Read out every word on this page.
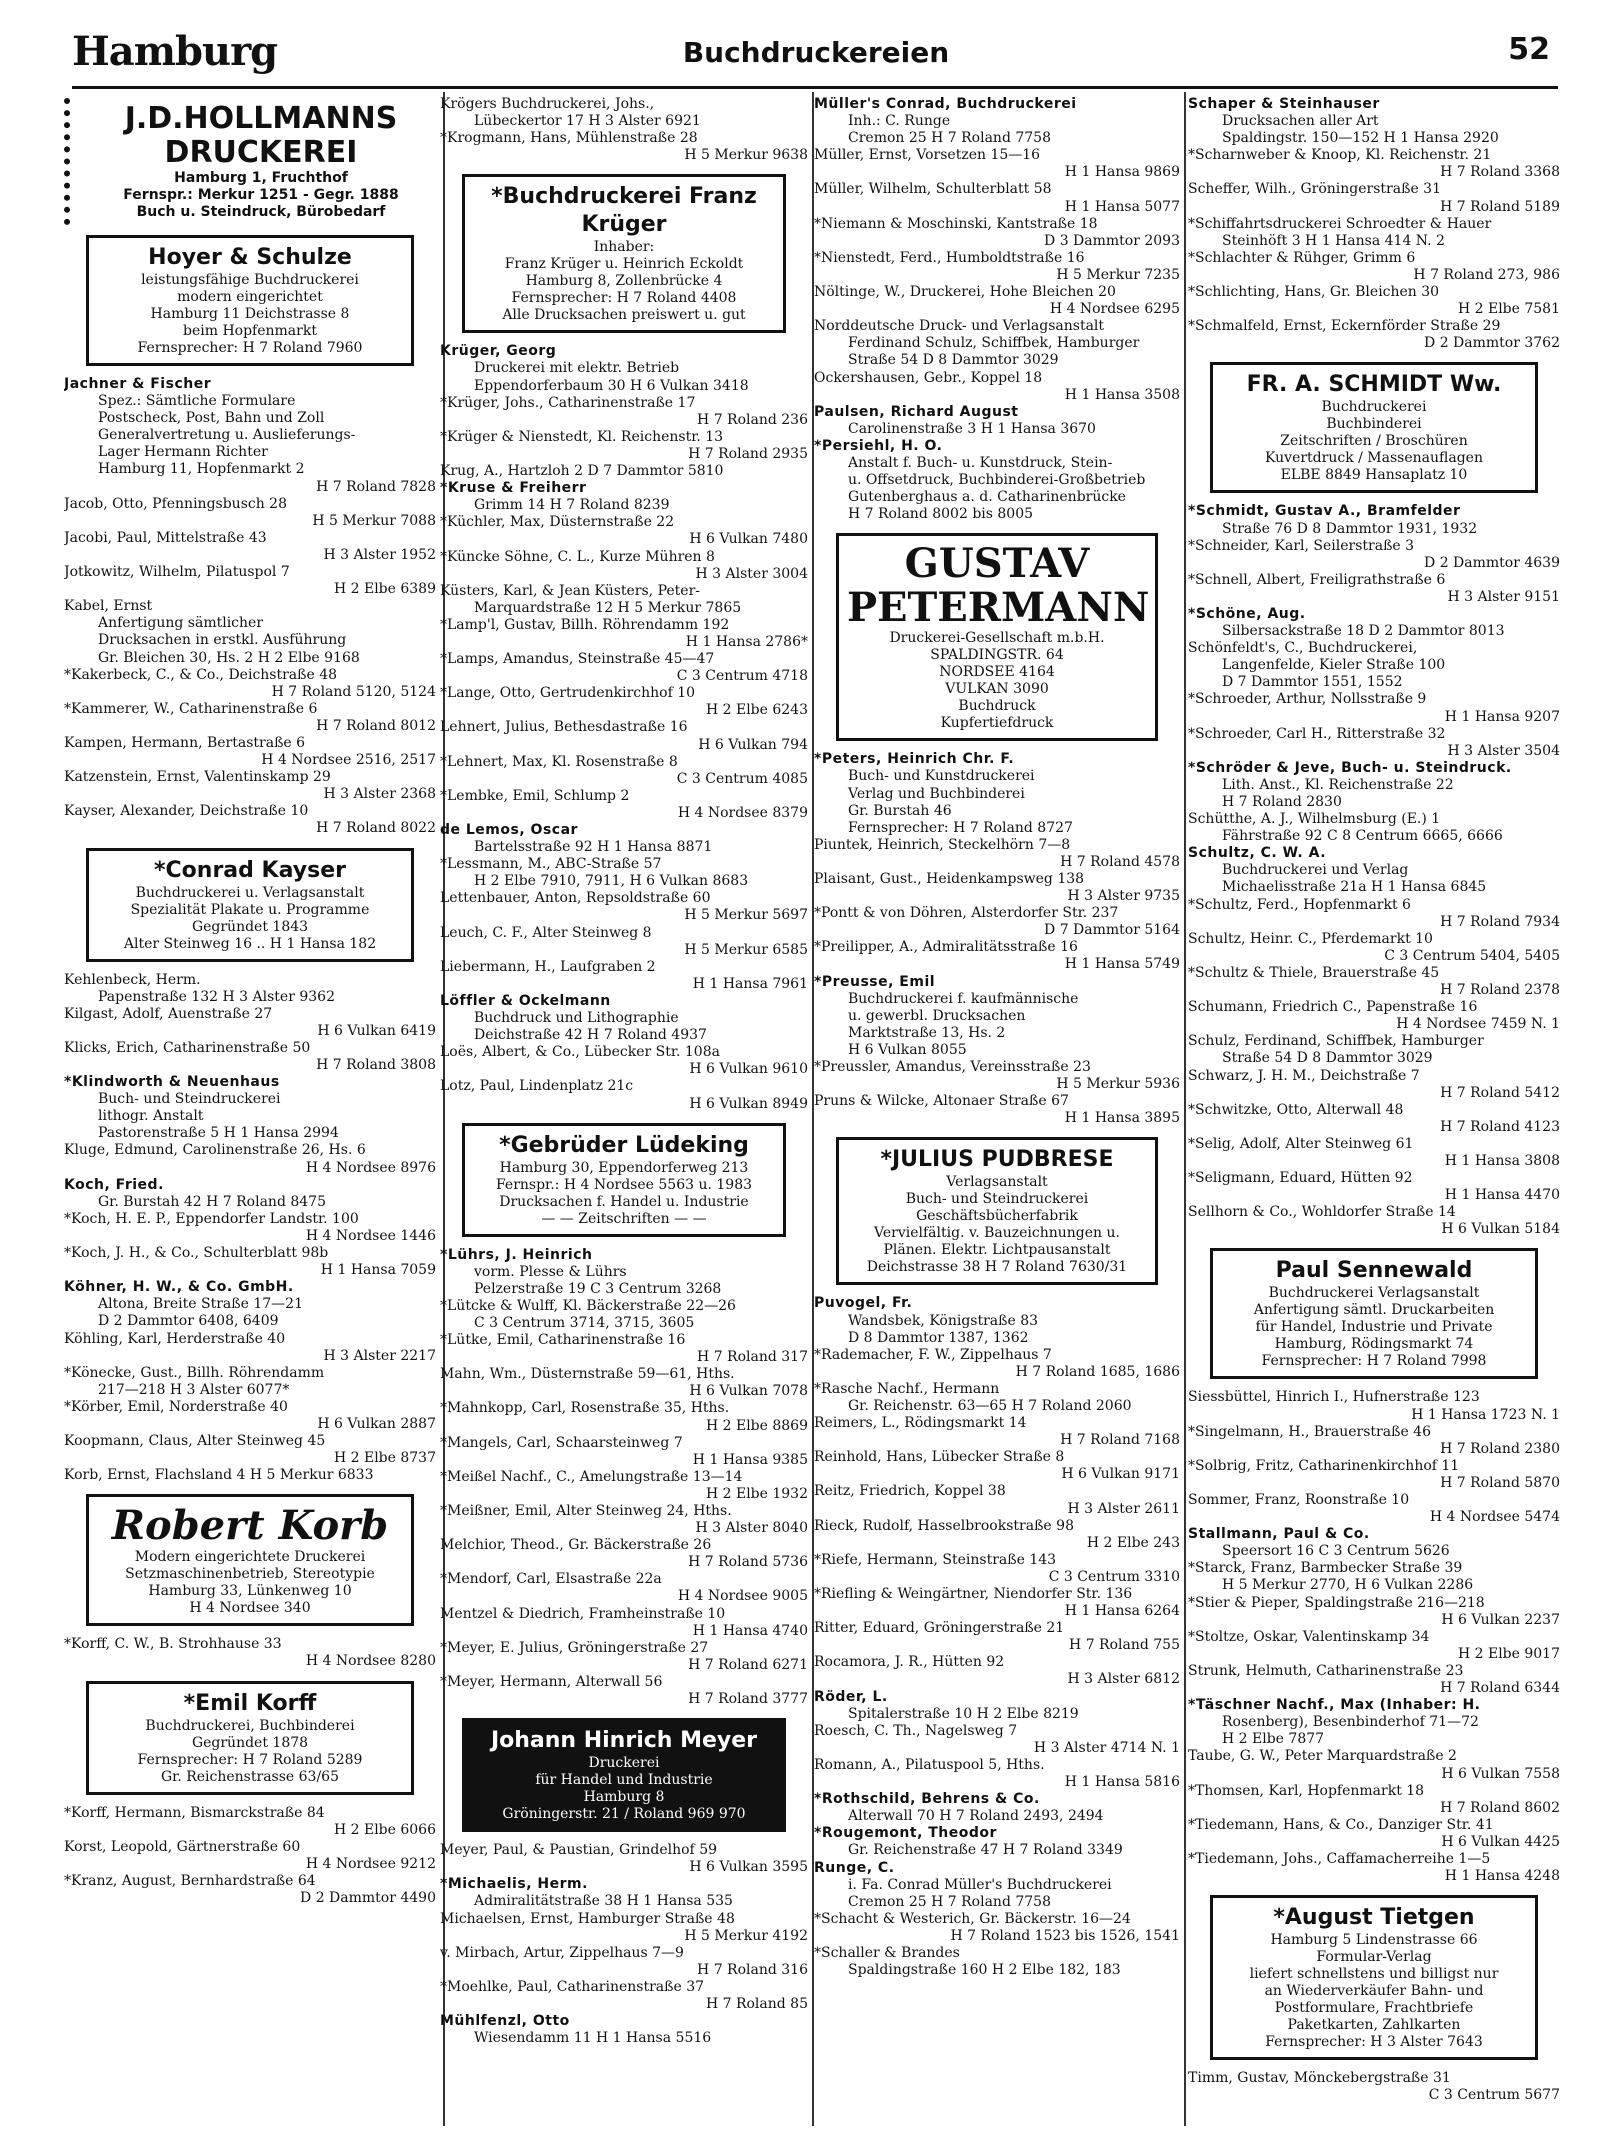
Hamburg	Buchdruckereien	52
J.D.HOLLMANNS DRUCKEREI
Hamburg 1, Fruchthof
Fernspr.: Merkur 1251 - Gegr. 1888
Buch u. Steindruck, Bürobedarf
Hoyer & Schulze
leistungsfähige Buchdruckerei
modern eingerichtet
Hamburg 11 Deichstrasse 8
beim Hopfenmarkt
Fernsprecher: H 7 Roland 7960
Jachner & Fischer
Spez.: Sämtliche Formulare
Postscheck, Post, Bahn und Zoll
Generalvertretung u. Auslieferungs-
Lager Hermann Richter
Hamburg 11, Hopfenmarkt 2
H 7 Roland 7828
Jacob, Otto, Pfenningsbusch 28
H 5 Merkur 7088
Jacobi, Paul, Mittelstraße 43
H 3 Alster 1952
Jotkowitz, Wilhelm, Pilatuspol 7
H 2 Elbe 6389
Kabel, Ernst
Anfertigung sämtlicher
Drucksachen in erstkl. Ausführung
Gr. Bleichen 30, Hs. 2 H 2 Elbe 9168
*Kakerbeck, C., & Co., Deichstraße 48
H 7 Roland 5120, 5124
*Kammerer, W., Catharinenstraße 6
H 7 Roland 8012
Kampen, Hermann, Bertastraße 6
H 4 Nordsee 2516, 2517
Katzenstein, Ernst, Valentinskamp 29
H 3 Alster 2368
Kayser, Alexander, Deichstraße 10
H 7 Roland 8022
*Conrad Kayser
Buchdruckerei u. Verlagsanstalt
Spezialität Plakate u. Programme
Gegründet 1843
Alter Steinweg 16 .. H 1 Hansa 182
Kehlenbeck, Herm.
Papenstraße 132 H 3 Alster 9362
Kilgast, Adolf, Auenstraße 27
H 6 Vulkan 6419
Klicks, Erich, Catharinenstraße 50
H 7 Roland 3808
*Klindworth & Neuenhaus
Buch- und Steindruckerei
lithogr. Anstalt
Pastorenstraße 5 H 1 Hansa 2994
Kluge, Edmund, Carolinenstraße 26, Hs. 6
H 4 Nordsee 8976
Koch, Fried.
Gr. Burstah 42 H 7 Roland 8475
*Koch, H. E. P., Eppendorfer Landstr. 100
H 4 Nordsee 1446
*Koch, J. H., & Co., Schulterblatt 98b
H 1 Hansa 7059
Köhner, H. W., & Co. GmbH.
Altona, Breite Straße 17—21
D 2 Dammtor 6408, 6409
Köhling, Karl, Herderstraße 40
H 3 Alster 2217
*Könecke, Gust., Billh. Röhrendamm
217—218 H 3 Alster 6077*
*Körber, Emil, Norderstraße 40
H 6 Vulkan 2887
Koopmann, Claus, Alter Steinweg 45
H 2 Elbe 8737
Korb, Ernst, Flachsland 4 H 5 Merkur 6833
Robert Korb
Modern eingerichtete Druckerei
Setzmaschinenbetrieb, Stereotypie
Hamburg 33, Lünkenweg 10
H 4 Nordsee 340
*Korff, C. W., B. Strohhause 33
H 4 Nordsee 8280
*Emil Korff
Buchdruckerei, Buchbinderei
Gegründet 1878
Fernsprecher: H 7 Roland 5289
Gr. Reichenstrasse 63/65
*Korff, Hermann, Bismarckstraße 84
H 2 Elbe 6066
Korst, Leopold, Gärtnerstraße 60
H 4 Nordsee 9212
*Kranz, August, Bernhardstraße 64
D 2 Dammtor 4490
Krögers Buchdruckerei, Johs.,
Lübeckertor 17 H 3 Alster 6921
*Krogmann, Hans, Mühlenstraße 28
H 5 Merkur 9638
*Buchdruckerei Franz Krüger
Inhaber:
Franz Krüger u. Heinrich Eckoldt
Hamburg 8, Zollenbrücke 4
Fernsprecher: H 7 Roland 4408
Alle Drucksachen preiswert u. gut
Krüger, Georg
Druckerei mit elektr. Betrieb
Eppendorferbaum 30 H 6 Vulkan 3418
*Krüger, Johs., Catharinenstraße 17
H 7 Roland 236
*Krüger & Nienstedt, Kl. Reichenstr. 13
H 7 Roland 2935
Krug, A., Hartzloh 2 D 7 Dammtor 5810
*Kruse & Freiherr
Grimm 14 H 7 Roland 8239
*Küchler, Max, Düsternstraße 22
H 6 Vulkan 7480
*Küncke Söhne, C. L., Kurze Mühren 8
H 3 Alster 3004
Küsters, Karl, & Jean Küsters, Peter-
Marquardstraße 12 H 5 Merkur 7865
*Lamp'l, Gustav, Billh. Röhrendamm 192
H 1 Hansa 2786*
*Lamps, Amandus, Steinstraße 45—47
C 3 Centrum 4718
*Lange, Otto, Gertrudenkirchhof 10
H 2 Elbe 6243
Lehnert, Julius, Bethesdastraße 16
H 6 Vulkan 794
*Lehnert, Max, Kl. Rosenstraße 8
C 3 Centrum 4085
*Lembke, Emil, Schlump 2
H 4 Nordsee 8379
de Lemos, Oscar
Bartelsstraße 92 H 1 Hansa 8871
*Lessmann, M., ABC-Straße 57
H 2 Elbe 7910, 7911, H 6 Vulkan 8683
Lettenbauer, Anton, Repsoldstraße 60
H 5 Merkur 5697
Leuch, C. F., Alter Steinweg 8
H 5 Merkur 6585
Liebermann, H., Laufgraben 2
H 1 Hansa 7961
Löffler & Ockelmann
Buchdruck und Lithographie
Deichstraße 42 H 7 Roland 4937
Loës, Albert, & Co., Lübecker Str. 108a
H 6 Vulkan 9610
Lotz, Paul, Lindenplatz 21c
H 6 Vulkan 8949
*Gebrüder Lüdeking
Hamburg 30, Eppendorferweg 213
Fernspr.: H 4 Nordsee 5563 u. 1983
Drucksachen f. Handel u. Industrie
— — Zeitschriften — —
*Lührs, J. Heinrich
vorm. Plesse & Lührs
Pelzerstraße 19 C 3 Centrum 3268
*Lütcke & Wulff, Kl. Bäckerstraße 22—26
C 3 Centrum 3714, 3715, 3605
*Lütke, Emil, Catharinenstraße 16
H 7 Roland 317
Mahn, Wm., Düsternstraße 59—61, Hths.
H 6 Vulkan 7078
*Mahnkopp, Carl, Rosenstraße 35, Hths.
H 2 Elbe 8869
*Mangels, Carl, Schaarsteinweg 7
H 1 Hansa 9385
*Meißel Nachf., C., Amelungstraße 13—14
H 2 Elbe 1932
*Meißner, Emil, Alter Steinweg 24, Hths.
H 3 Alster 8040
Melchior, Theod., Gr. Bäckerstraße 26
H 7 Roland 5736
*Mendorf, Carl, Elsastraße 22a
H 4 Nordsee 9005
Mentzel & Diedrich, Framheinstraße 10
H 1 Hansa 4740
*Meyer, E. Julius, Gröningerstraße 27
H 7 Roland 6271
*Meyer, Hermann, Alterwall 56
H 7 Roland 3777
Johann Hinrich Meyer
Druckerei
für Handel und Industrie
Hamburg 8
Gröningerstr. 21 / Roland 969 970
Meyer, Paul, & Paustian, Grindelhof 59
H 6 Vulkan 3595
*Michaelis, Herm.
Admiralitätstraße 38 H 1 Hansa 535
Michaelsen, Ernst, Hamburger Straße 48
H 5 Merkur 4192
v. Mirbach, Artur, Zippelhaus 7—9
H 7 Roland 316
*Moehlke, Paul, Catharinenstraße 37
H 7 Roland 85
Mühlfenzl, Otto
Wiesendamm 11 H 1 Hansa 5516
Müller's Conrad, Buchdruckerei
Inh.: C. Runge
Cremon 25 H 7 Roland 7758
Müller, Ernst, Vorsetzen 15—16
H 1 Hansa 9869
Müller, Wilhelm, Schulterblatt 58
H 1 Hansa 5077
*Niemann & Moschinski, Kantstraße 18
D 3 Dammtor 2093
*Nienstedt, Ferd., Humboldtstraße 16
H 5 Merkur 7235
Nöltinge, W., Druckerei, Hohe Bleichen 20
H 4 Nordsee 6295
Norddeutsche Druck- und Verlagsanstalt
Ferdinand Schulz, Schiffbek, Hamburger
Straße 54 D 8 Dammtor 3029
Ockershausen, Gebr., Koppel 18
H 1 Hansa 3508
Paulsen, Richard August
Carolinenstraße 3 H 1 Hansa 3670
*Persiehl, H. O.
Anstalt f. Buch- u. Kunstdruck, Stein-
u. Offsetdruck, Buchbinderei-Großbetrieb
Gutenberghaus a. d. Catharinenbrücke
H 7 Roland 8002 bis 8005
GUSTAV PETERMANN
Druckerei-Gesellschaft m.b.H.
SPALDINGSTR. 64
NORDSEE 4164
VULKAN 3090
Buchdruck
Kupfertiefdruck
*Peters, Heinrich Chr. F.
Buch- und Kunstdruckerei
Verlag und Buchbinderei
Gr. Burstah 46
Fernsprecher: H 7 Roland 8727
Piuntek, Heinrich, Steckelhörn 7—8
H 7 Roland 4578
Plaisant, Gust., Heidenkampsweg 138
H 3 Alster 9735
*Pontt & von Döhren, Alsterdorfer Str. 237
D 7 Dammtor 5164
*Preilipper, A., Admiralitätsstraße 16
H 1 Hansa 5749
*Preusse, Emil
Buchdruckerei f. kaufmännische
u. gewerbl. Drucksachen
Marktstraße 13, Hs. 2
H 6 Vulkan 8055
*Preussler, Amandus, Vereinsstraße 23
H 5 Merkur 5936
Pruns & Wilcke, Altonaer Straße 67
H 1 Hansa 3895
*JULIUS PUDBRESE
Verlagsanstalt
Buch- und Steindruckerei
Geschäftsbücherfabrik
Vervielfältig. v. Bauzeichnungen u.
Plänen. Elektr. Lichtpausanstalt
Deichstrasse 38 H 7 Roland 7630/31
Puvogel, Fr.
Wandsbek, Königstraße 83
D 8 Dammtor 1387, 1362
*Rademacher, F. W., Zippelhaus 7
H 7 Roland 1685, 1686
*Rasche Nachf., Hermann
Gr. Reichenstr. 63—65 H 7 Roland 2060
Reimers, L., Rödingsmarkt 14
H 7 Roland 7168
Reinhold, Hans, Lübecker Straße 8
H 6 Vulkan 9171
Reitz, Friedrich, Koppel 38
H 3 Alster 2611
Rieck, Rudolf, Hasselbrookstraße 98
H 2 Elbe 243
*Riefe, Hermann, Steinstraße 143
C 3 Centrum 3310
*Riefling & Weingärtner, Niendorfer Str. 136
H 1 Hansa 6264
Ritter, Eduard, Gröningerstraße 21
H 7 Roland 755
Rocamora, J. R., Hütten 92
H 3 Alster 6812
Röder, L.
Spitalerstraße 10 H 2 Elbe 8219
Roesch, C. Th., Nagelsweg 7
H 3 Alster 4714 N. 1
Romann, A., Pilatuspool 5, Hths.
H 1 Hansa 5816
*Rothschild, Behrens & Co.
Alterwall 70 H 7 Roland 2493, 2494
*Rougemont, Theodor
Gr. Reichenstraße 47 H 7 Roland 3349
Runge, C.
i. Fa. Conrad Müller's Buchdruckerei
Cremon 25 H 7 Roland 7758
*Schacht & Westerich, Gr. Bäckerstr. 16—24
H 7 Roland 1523 bis 1526, 1541
*Schaller & Brandes
Spaldingstraße 160 H 2 Elbe 182, 183
Schaper & Steinhauser
Drucksachen aller Art
Spaldingstr. 150—152 H 1 Hansa 2920
*Scharnweber & Knoop, Kl. Reichenstr. 21
H 7 Roland 3368
Scheffer, Wilh., Gröningerstraße 31
H 7 Roland 5189
*Schiffahrtsdruckerei Schroedter & Hauer
Steinhöft 3 H 1 Hansa 414 N. 2
*Schlachter & Rühger, Grimm 6
H 7 Roland 273, 986
*Schlichting, Hans, Gr. Bleichen 30
H 2 Elbe 7581
*Schmalfeld, Ernst, Eckernförder Straße 29
D 2 Dammtor 3762
FR. A. SCHMIDT Ww.
Buchdruckerei
Buchbinderei
Zeitschriften / Broschüren
Kuvertdruck / Massenauflagen
ELBE 8849 Hansaplatz 10
*Schmidt, Gustav A., Bramfelder
Straße 76 D 8 Dammtor 1931, 1932
*Schneider, Karl, Seilerstraße 3
D 2 Dammtor 4639
*Schnell, Albert, Freiligrathstraße 6
H 3 Alster 9151
*Schöne, Aug.
Silbersackstraße 18 D 2 Dammtor 8013
Schönfeldt's, C., Buchdruckerei,
Langenfelde, Kieler Straße 100
D 7 Dammtor 1551, 1552
*Schroeder, Arthur, Nollsstraße 9
H 1 Hansa 9207
*Schroeder, Carl H., Ritterstraße 32
H 3 Alster 3504
*Schröder & Jeve, Buch- u. Steindruck.
Lith. Anst., Kl. Reichenstraße 22
H 7 Roland 2830
Schütthe, A. J., Wilhelmsburg (E.) 1
Fährstraße 92 C 8 Centrum 6665, 6666
Schultz, C. W. A.
Buchdruckerei und Verlag
Michaelisstraße 21a H 1 Hansa 6845
*Schultz, Ferd., Hopfenmarkt 6
H 7 Roland 7934
Schultz, Heinr. C., Pferdemarkt 10
C 3 Centrum 5404, 5405
*Schultz & Thiele, Brauerstraße 45
H 7 Roland 2378
Schumann, Friedrich C., Papenstraße 16
H 4 Nordsee 7459 N. 1
Schulz, Ferdinand, Schiffbek, Hamburger
Straße 54 D 8 Dammtor 3029
Schwarz, J. H. M., Deichstraße 7
H 7 Roland 5412
*Schwitzke, Otto, Alterwall 48
H 7 Roland 4123
*Selig, Adolf, Alter Steinweg 61
H 1 Hansa 3808
*Seligmann, Eduard, Hütten 92
H 1 Hansa 4470
Sellhorn & Co., Wohldorfer Straße 14
H 6 Vulkan 5184
Paul Sennewald
Buchdruckerei Verlagsanstalt
Anfertigung sämtl. Druckarbeiten
für Handel, Industrie und Private
Hamburg, Rödingsmarkt 74
Fernsprecher: H 7 Roland 7998
Siessbüttel, Hinrich I., Hufnerstraße 123
H 1 Hansa 1723 N. 1
*Singelmann, H., Brauerstraße 46
H 7 Roland 2380
*Solbrig, Fritz, Catharinenkirchhof 11
H 7 Roland 5870
Sommer, Franz, Roonstraße 10
H 4 Nordsee 5474
Stallmann, Paul & Co.
Speersort 16 C 3 Centrum 5626
*Starck, Franz, Barmbecker Straße 39
H 5 Merkur 2770, H 6 Vulkan 2286
*Stier & Pieper, Spaldingstraße 216—218
H 6 Vulkan 2237
*Stoltze, Oskar, Valentinskamp 34
H 2 Elbe 9017
Strunk, Helmuth, Catharinenstraße 23
H 7 Roland 6344
*Täschner Nachf., Max (Inhaber: H.
Rosenberg), Besenbinderhof 71—72
H 2 Elbe 7877
Taube, G. W., Peter Marquardstraße 2
H 6 Vulkan 7558
*Thomsen, Karl, Hopfenmarkt 18
H 7 Roland 8602
*Tiedemann, Hans, & Co., Danziger Str. 41
H 6 Vulkan 4425
*Tiedemann, Johs., Caffamacherreihe 1—5
H 1 Hansa 4248
*August Tietgen
Hamburg 5 Lindenstrasse 66
Formular-Verlag
liefert schnellstens und billigst nur
an Wiederverkäufer Bahn- und
Postformulare, Frachtbriefe
Paketkarten, Zahlkarten
Fernsprecher: H 3 Alster 7643
Timm, Gustav, Mönckebergstraße 31
C 3 Centrum 5677
